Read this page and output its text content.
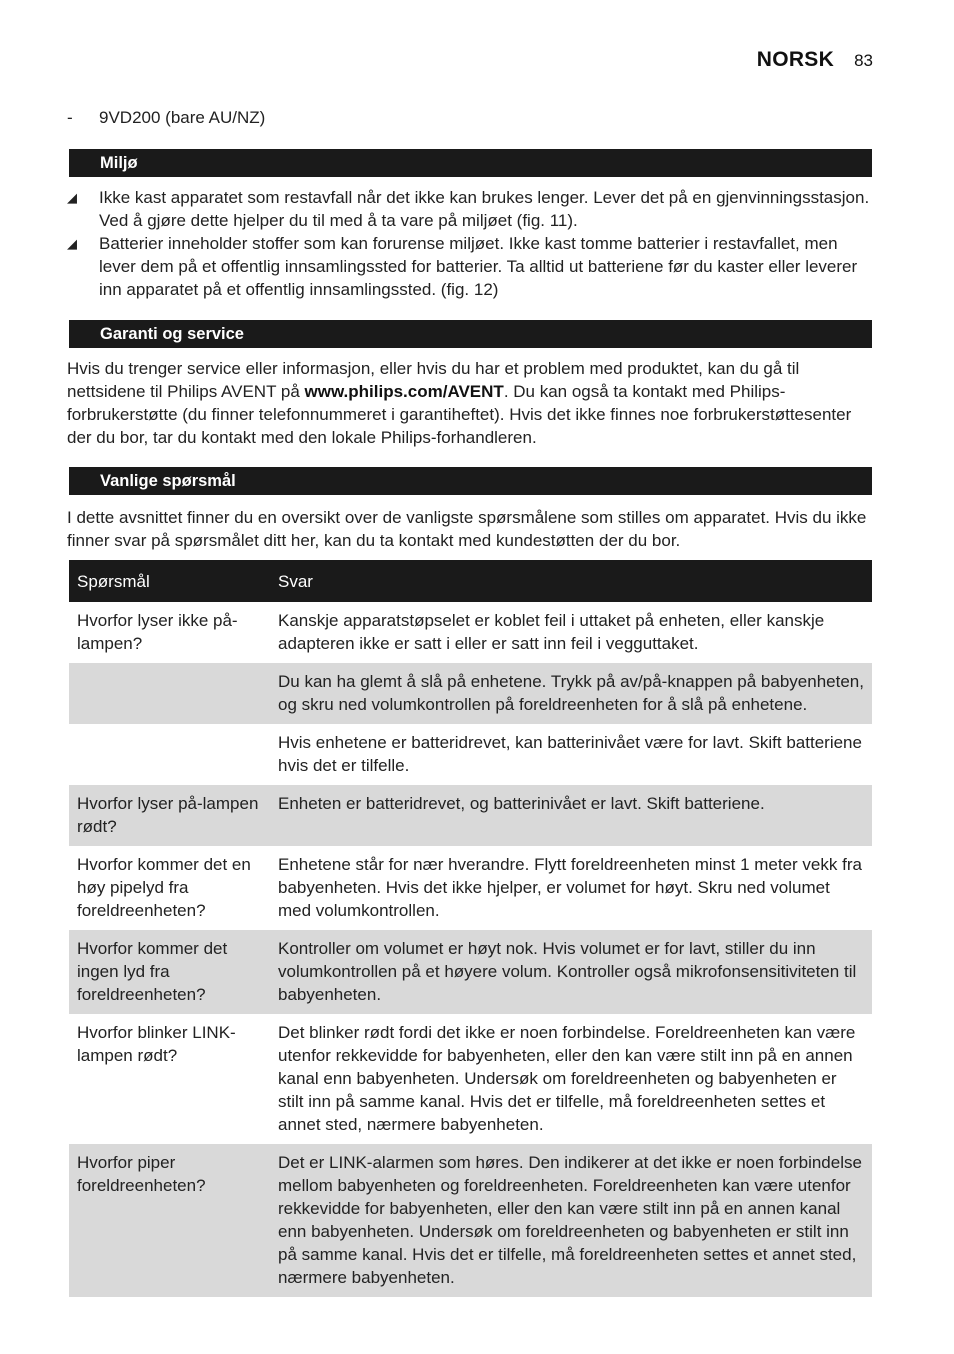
NORSK 83
- 9VD200 (bare AU/NZ)
Miljø
◢	Ikke kast apparatet som restavfall når det ikke kan brukes lenger. Lever det på en gjenvinningsstasjon. Ved å gjøre dette hjelper du til med å ta vare på miljøet (fig. 11).
◢	Batterier inneholder stoffer som kan forurense miljøet. Ikke kast tomme batterier i restavfallet, men lever dem på et offentlig innsamlingssted for batterier. Ta alltid ut batteriene før du kaster eller leverer inn apparatet på et offentlig innsamlingssted. (fig. 12)
Garanti og service
Hvis du trenger service eller informasjon, eller hvis du har et problem med produktet, kan du gå til nettsidene til Philips AVENT på www.philips.com/AVENT. Du kan også ta kontakt med Philips-forbrukerstøtte (du finner telefonnummeret i garantiheftet). Hvis det ikke finnes noe forbrukerstøttesenter der du bor, tar du kontakt med den lokale Philips-forhandleren.
Vanlige spørsmål
I dette avsnittet finner du en oversikt over de vanligste spørsmålene som stilles om apparatet. Hvis du ikke finner svar på spørsmålet ditt her, kan du ta kontakt med kundestøtten der du bor.
Spørsmål	Svar
Hvorfor lyser ikke på-lampen?	Kanskje apparatstøpselet er koblet feil i uttaket på enheten, eller kanskje adapteren ikke er satt i eller er satt inn feil i vegguttaket.
	Du kan ha glemt å slå på enhetene. Trykk på av/på-knappen på babyenheten, og skru ned volumkontrollen på foreldreenheten for å slå på enhetene.
	Hvis enhetene er batteridrevet, kan batterinivået være for lavt. Skift batteriene hvis det er tilfelle.
Hvorfor lyser på-lampen rødt?	Enheten er batteridrevet, og batterinivået er lavt. Skift batteriene.
Hvorfor kommer det en høy pipelyd fra foreldreenheten?	Enhetene står for nær hverandre. Flytt foreldreenheten minst 1 meter vekk fra babyenheten. Hvis det ikke hjelper, er volumet for høyt. Skru ned volumet med volumkontrollen.
Hvorfor kommer det ingen lyd fra foreldreenheten?	Kontroller om volumet er høyt nok. Hvis volumet er for lavt, stiller du inn volumkontrollen på et høyere volum. Kontroller også mikrofonsensitiviteten til babyenheten.
Hvorfor blinker LINK-lampen rødt?	Det blinker rødt fordi det ikke er noen forbindelse. Foreldreenheten kan være utenfor rekkevidde for babyenheten, eller den kan være stilt inn på en annen kanal enn babyenheten. Undersøk om foreldreenheten og babyenheten er stilt inn på samme kanal. Hvis det er tilfelle, må foreldreenheten settes et annet sted, nærmere babyenheten.
Hvorfor piper foreldreenheten?	Det er LINK-alarmen som høres. Den indikerer at det ikke er noen forbindelse mellom babyenheten og foreldreenheten. Foreldreenheten kan være utenfor rekkevidde for babyenheten, eller den kan være stilt inn på en annen kanal enn babyenheten. Undersøk om foreldreenheten og babyenheten er stilt inn på samme kanal. Hvis det er tilfelle, må foreldreenheten settes et annet sted, nærmere babyenheten.
